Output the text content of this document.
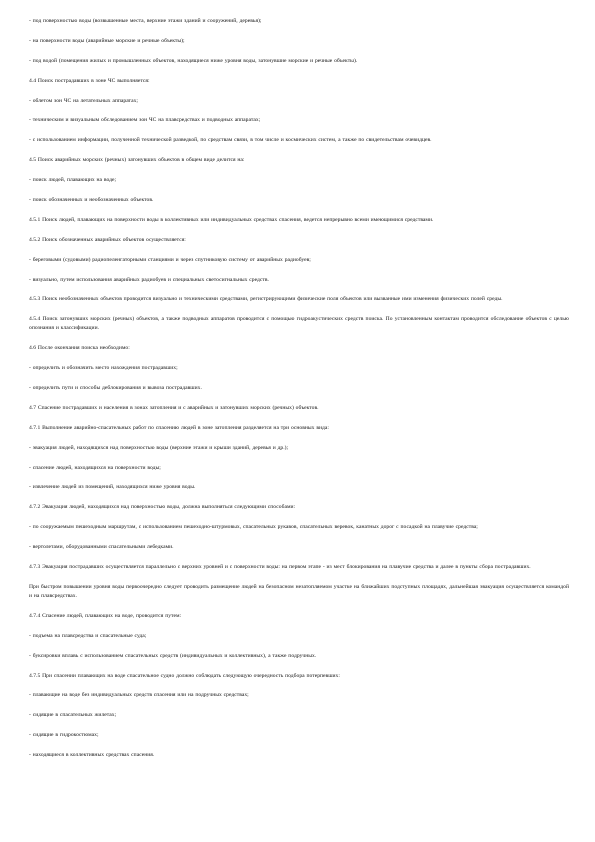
- под поверхностью воды (возвышенные места, верхние этажи зданий и сооружений, деревья);

- на поверхности воды (аварийные морские и речные объекты);

- под водой (помещения жилых и промышленных объектов, находящиеся ниже уровня воды, затонувшие морские и речные объекты).

4.4 Поиск пострадавших в зоне ЧС выполняется:

- облетом зон ЧС на летательных аппаратах;

- техническим и визуальным обследованием зон ЧС на плавсредствах и подводных аппаратах;

- с использованием информации, полученной технической разведкой, по средствам связи, в том числе и космических систем, а также по свидетельствам очевидцев.

4.5 Поиск аварийных морских (речных) затонувших объектов в общем виде делится на:

- поиск людей, плавающих на воде;

- поиск обозначенных и необозначенных объектов.

4.5.1 Поиск людей, плавающих на поверхности воды в коллективных или индивидуальных средствах спасения, ведется непрерывно всеми имеющимися средствами.

4.5.2 Поиск обозначенных аварийных объектов осуществляется:

- береговыми (судовыми) радиопеленгаторными станциями и через спутниковую систему от аварийных радиобуев;

- визуально, путем использования аварийных радиобуев и специальных светосигнальных средств.

4.5.3 Поиск необозначенных объектов проводится визуально и техническими средствами, регистрирующими физические поля объектов или вызванные ими изменения физических полей среды.

4.5.4 Поиск затонувших морских (речных) объектов, а также подводных аппаратов проводится с помощью гидроакустических средств поиска. По установленным контактам проводится обследование объектов с целью опознания и классификации.

4.6 После окончания поиска необходимо:

- определить и обозначить место нахождения пострадавших;

- определить пути и способы деблокирования и вывоза пострадавших.

4.7 Спасение пострадавших и населения в зонах затопления и с аварийных и затонувших морских (речных) объектов.

4.7.1 Выполнение аварийно-спасательных работ по спасению людей в зоне затопления разделяется на три основных вида:

- эвакуация людей, находящихся над поверхностью воды (верхние этажи и крыши зданий, деревья и др.);

- спасение людей, находящихся на поверхности воды;

- извлечение людей из помещений, находящихся ниже уровня воды.

4.7.2 Эвакуация людей, находящихся над поверхностью воды, должна выполняться следующими способами:

- по сооружаемым пешеходным маршрутам, с использованием пешеходно-штурмовых, спасательных рукавов, спасательных веревок, канатных дорог с посадкой на плавучие средства;

- вертолетами, оборудованными спасательными лебедками.

4.7.3 Эвакуация пострадавших осуществляется параллельно с верхних уровней и с поверхности воды: на первом этапе - из мест блокирования на плавучие средства и далее в пункты сбора пострадавших.

При быстром повышении уровня воды первоочередно следует проводить размещение людей на безопасном незатопляемом участке на ближайших подступных площадях, дальнейшая эвакуация осуществляется командой и на плавсредствах.

4.7.4 Спасение людей, плавающих на воде, проводится путем:

- подъема на плавсредства и спасательные суда;

- буксировки вплавь с использованием спасательных средств (индивидуальных и коллективных), а также подручных.

4.7.5 При спасении плавающих на воде спасательное судно должно соблюдать следующую очередность подбора потерпевших:

- плавающие на воде без индивидуальных средств спасения или на подручных средствах;

- сидящие в спасательных жилетах;

- сидящие в гидрокостюмах;

- находящиеся в коллективных средствах спасения.
